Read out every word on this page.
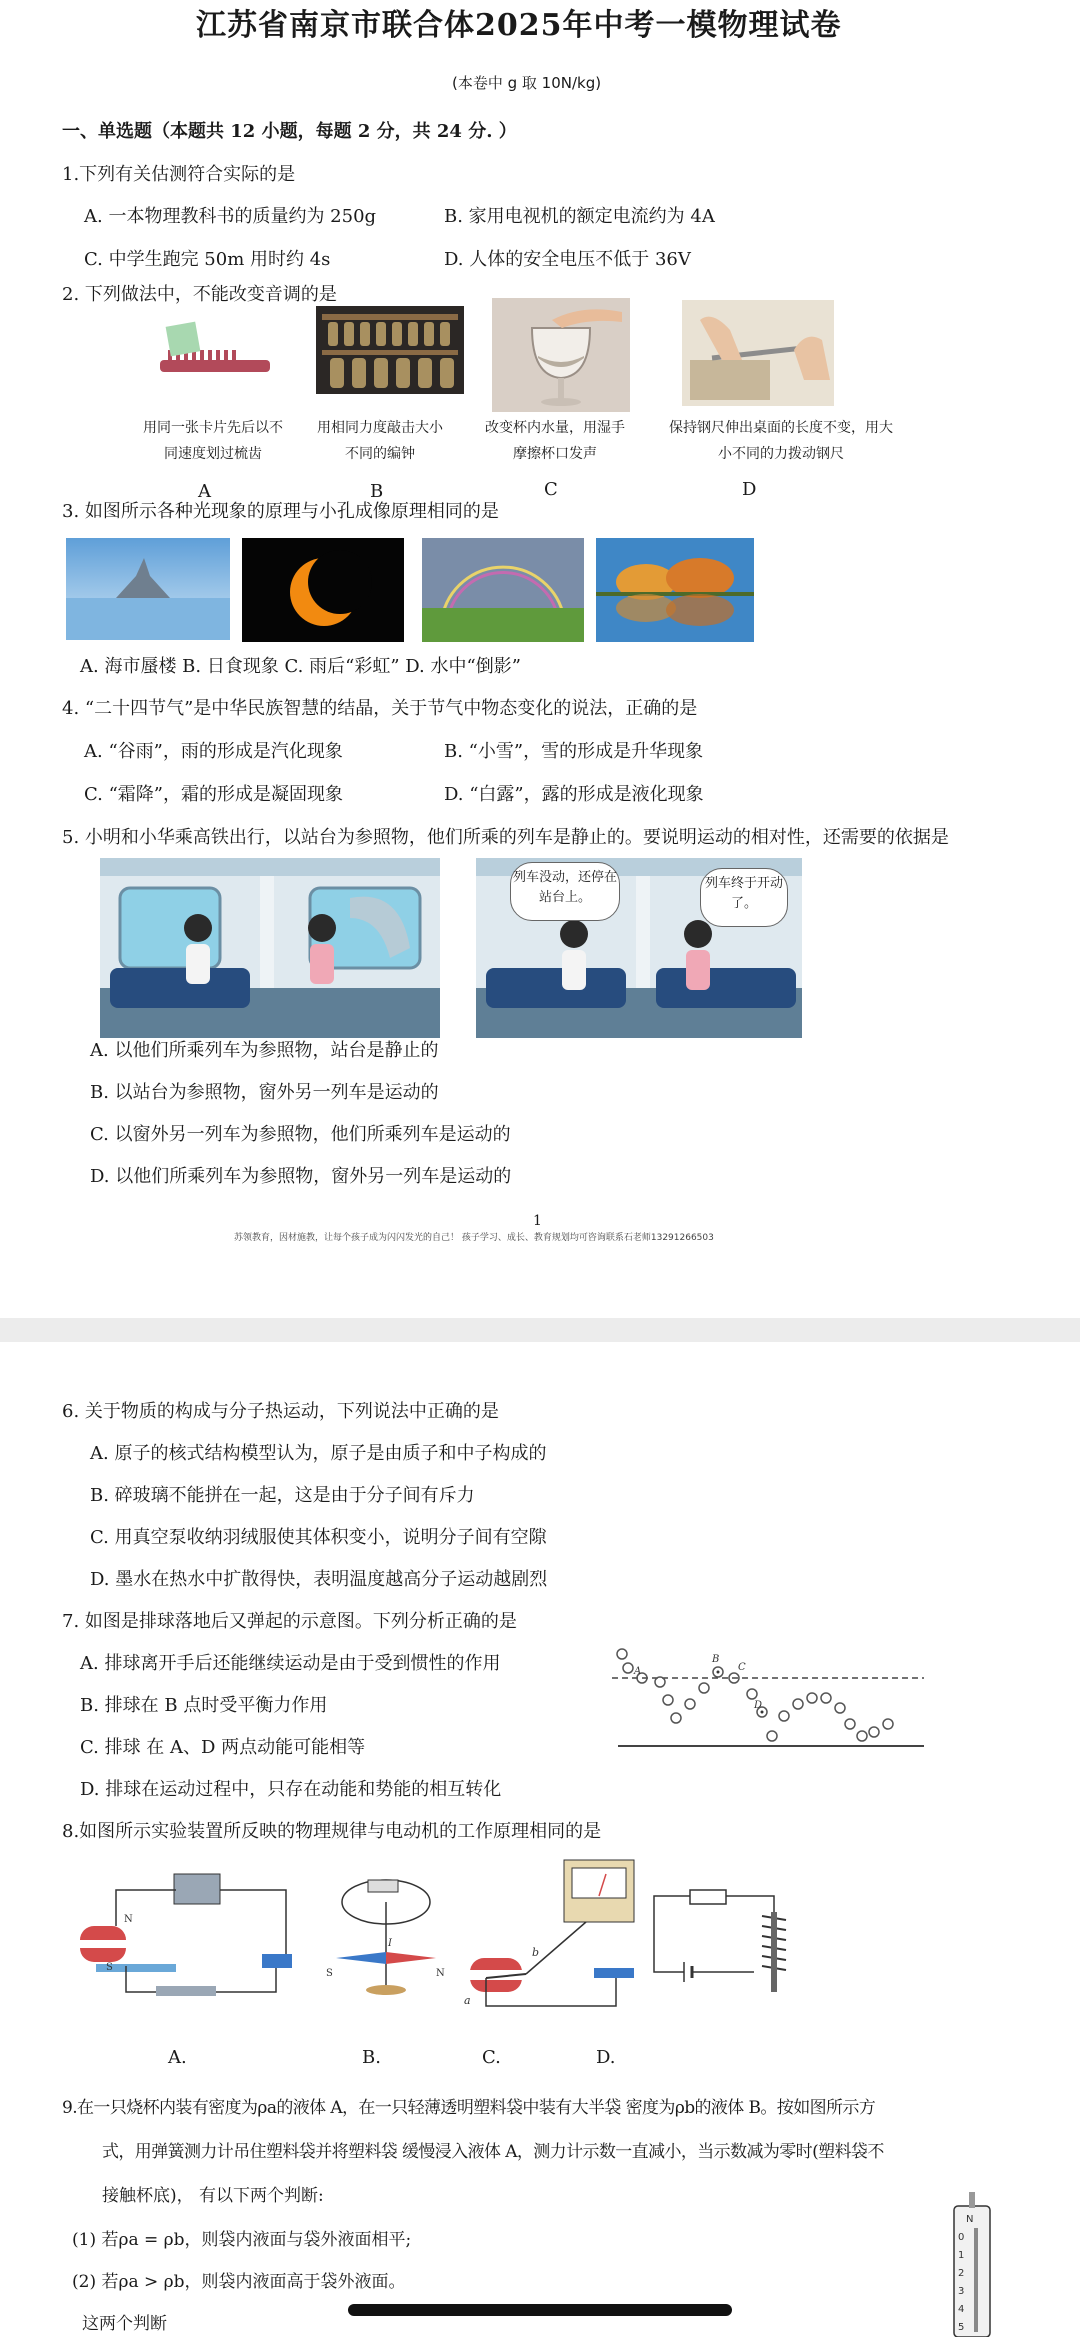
江苏省南京市联合体2025年中考一模物理试卷
(本卷中 g 取 10N/kg)
一、单选题（本题共 12 小题，每题 2 分，共 24 分. ）
1.下列有关估测符合实际的是
A. 一本物理教科书的质量约为 250g	B. 家用电视机的额定电流约为 4A
C. 中学生跑完 50m 用时约 4s	D. 人体的安全电压不低于 36V
2. 下列做法中，不能改变音调的是
用同一张卡片先后以不同速度划过梳齿
用相同力度敲击大小不同的编钟
改变杯内水量，用湿手摩擦杯口发声
保持钢尺伸出桌面的长度不变，用大小不同的力拨动钢尺
A	B	C	D
3. 如图所示各种光现象的原理与小孔成像原理相同的是
A. 海市蜃楼 B. 日食现象 C. 雨后“彩虹” D. 水中“倒影”
4. “二十四节气”是中华民族智慧的结晶，关于节气中物态变化的说法，正确的是
A. “谷雨”，雨的形成是汽化现象	B. “小雪”，雪的形成是升华现象
C. “霜降”，霜的形成是凝固现象	D. “白露”，露的形成是液化现象
5. 小明和小华乘高铁出行，以站台为参照物，他们所乘的列车是静止的。要说明运动的相对性，还需要的依据是
列车没动，还停在站台上。
列车终于开动了。
A. 以他们所乘列车为参照物，站台是静止的
B. 以站台为参照物，窗外另一列车是运动的
C. 以窗外另一列车为参照物，他们所乘列车是运动的
D. 以他们所乘列车为参照物，窗外另一列车是运动的
1
苏领教育，因材施教，让每个孩子成为闪闪发光的自己！ 孩子学习、成长、教育规划均可咨询联系石老师13291266503
6. 关于物质的构成与分子热运动，下列说法中正确的是
A. 原子的核式结构模型认为，原子是由质子和中子构成的
B. 碎玻璃不能拼在一起，这是由于分子间有斥力
C. 用真空泵收纳羽绒服使其体积变小，说明分子间有空隙
D. 墨水在热水中扩散得快，表明温度越高分子运动越剧烈
7. 如图是排球落地后又弹起的示意图。下列分析正确的是
A. 排球离开手后还能继续运动是由于受到惯性的作用
B. 排球在 B 点时受平衡力作用
C. 排球 在 A、D 两点动能可能相等
D. 排球在运动过程中，只存在动能和势能的相互转化
A
B
C
D
8.如图所示实验装置所反映的物理规律与电动机的工作原理相同的是
N
S
I
S	N
a
b
A.	B.	C.	D.
9.在一只烧杯内装有密度为ρa的液体 A，在一只轻薄透明塑料袋中装有大半袋 密度为ρb的液体 B。按如图所示方
式，用弹簧测力计吊住塑料袋并将塑料袋 缓慢浸入液体 A，测力计示数一直减小，当示数减为零时(塑料袋不
接触杯底)， 有以下两个判断:
(1) 若ρa = ρb，则袋内液面与袋外液面相平;
(2) 若ρa > ρb，则袋内液面高于袋外液面。
这两个判断
N
0
1
2
3
4
5
